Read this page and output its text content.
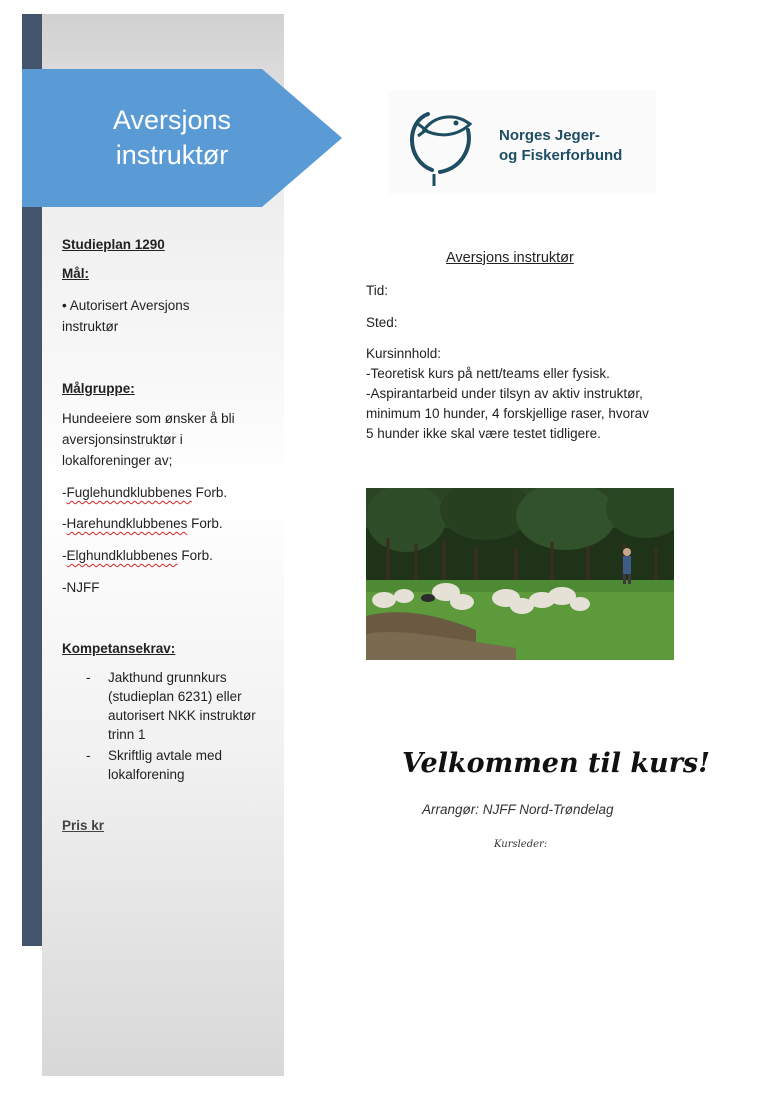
Aversjons
instruktør
Studieplan 1290
Mål:
• Autorisert Aversjons instruktør
Målgruppe:
Hundeeiere som ønsker å bli aversjonsinstruktør i lokalforeninger av;
-Fuglehundklubbenes Forb.
-Harehundklubbenes Forb.
-Elghundklubbenes Forb.
-NJFF
Kompetansekrav:
-	Jakthund grunnkurs (studieplan 6231) eller autorisert NKK instruktør trinn 1
-	Skriftlig avtale med lokalforening
Pris kr
Norges Jeger-
og Fiskerforbund
Aversjons instruktør
Tid:
Sted:
Kursinnhold:
-Teoretisk kurs på nett/teams eller fysisk.
-Aspirantarbeid under tilsyn av aktiv instruktør,
minimum 10 hunder, 4 forskjellige raser, hvorav
5 hunder ikke skal være testet tidligere.
Velkommen til kurs!
Arrangør: NJFF Nord-Trøndelag
Kursleder:
